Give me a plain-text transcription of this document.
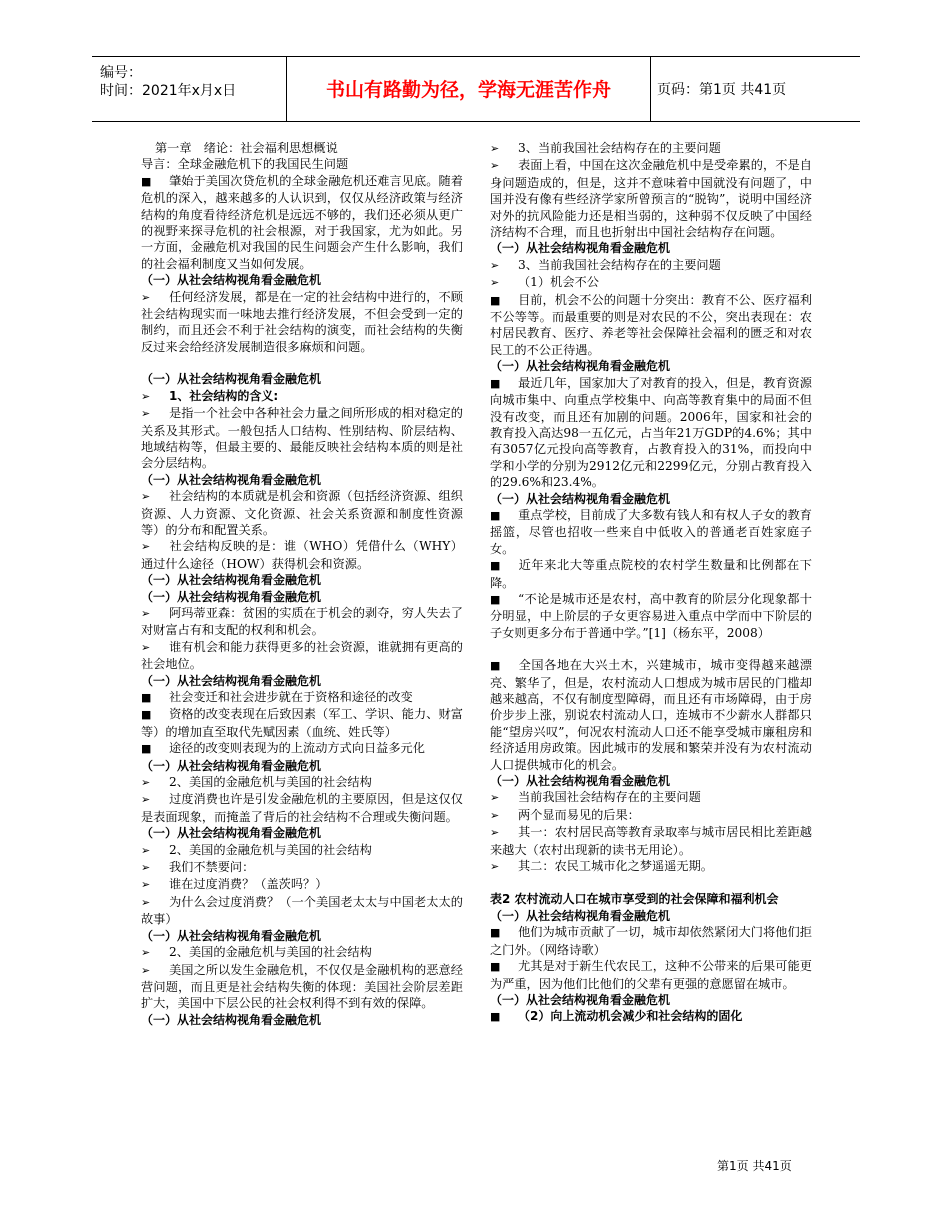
编号：
时间：2021年x月x日	书山有路勤为径，学海无涯苦作舟	页码：第1页 共41页

第一章　绪论：社会福利思想概说

导言：全球金融危机下的我国民生问题

■ 肇始于美国次贷危机的全球金融危机还难言见底。随着危机的深入，越来越多的人认识到，仅仅从经济政策与经济结构的角度看待经济危机是远远不够的，我们还必须从更广的视野来探寻危机的社会根源，对于我国家，尤为如此。另一方面，金融危机对我国的民生问题会产生什么影响，我们的社会福利制度又当如何发展。

（一）从社会结构视角看金融危机

➢ 任何经济发展，都是在一定的社会结构中进行的，不顾社会结构现实而一味地去推行经济发展，不但会受到一定的制约，而且还会不利于社会结构的演变，而社会结构的失衡反过来会给经济发展制造很多麻烦和问题。

（一）从社会结构视角看金融危机

➢ 1、社会结构的含义:

➢ 是指一个社会中各种社会力量之间所形成的相对稳定的关系及其形式。一般包括人口结构、性别结构、阶层结构、地域结构等，但最主要的、最能反映社会结构本质的则是社会分层结构。

（一）从社会结构视角看金融危机

➢ 社会结构的本质就是机会和资源（包括经济资源、组织资源、人力资源、文化资源、社会关系资源和制度性资源等）的分布和配置关系。

➢ 社会结构反映的是：谁（WHO）凭借什么（WHY）通过什么途径（HOW）获得机会和资源。

（一）从社会结构视角看金融危机

（一）从社会结构视角看金融危机

➢ 阿玛蒂亚森：贫困的实质在于机会的剥夺，穷人失去了对财富占有和支配的权利和机会。

➢ 谁有机会和能力获得更多的社会资源，谁就拥有更高的社会地位。

（一）从社会结构视角看金融危机

■ 社会变迁和社会进步就在于资格和途径的改变

■ 资格的改变表现在后致因素（军工、学识、能力、财富等）的增加直至取代先赋因素（血统、姓氏等）

■ 途径的改变则表现为的上流动方式向日益多元化

（一）从社会结构视角看金融危机

➢ 2、美国的金融危机与美国的社会结构

➢ 过度消费也许是引发金融危机的主要原因，但是这仅仅是表面现象，而掩盖了背后的社会结构不合理或失衡问题。

（一）从社会结构视角看金融危机

➢ 2、美国的金融危机与美国的社会结构

➢ 我们不禁要问：

➢ 谁在过度消费？（盖茨吗？）

➢ 为什么会过度消费？（一个美国老太太与中国老太太的故事）

（一）从社会结构视角看金融危机

➢ 2、美国的金融危机与美国的社会结构

➢ 美国之所以发生金融危机，不仅仅是金融机构的恶意经营问题，而且更是社会结构失衡的体现：美国社会阶层差距扩大，美国中下层公民的社会权利得不到有效的保障。

（一）从社会结构视角看金融危机

➢ 3、当前我国社会结构存在的主要问题

➢ 表面上看，中国在这次金融危机中是受牵累的，不是自身问题造成的，但是，这并不意味着中国就没有问题了，中国并没有像有些经济学家所曾预言的“脱钩”，说明中国经济对外的抗风险能力还是相当弱的，这种弱不仅反映了中国经济结构不合理，而且也折射出中国社会结构存在问题。

（一）从社会结构视角看金融危机

➢ 3、当前我国社会结构存在的主要问题

➢ （1）机会不公

■ 目前，机会不公的问题十分突出：教育不公、医疗福利不公等等。而最重要的则是对农民的不公，突出表现在：农村居民教育、医疗、养老等社会保障社会福利的匮乏和对农民工的不公正待遇。

（一）从社会结构视角看金融危机

■ 最近几年，国家加大了对教育的投入，但是，教育资源向城市集中、向重点学校集中、向高等教育集中的局面不但没有改变，而且还有加剧的问题。2006年，国家和社会的教育投入高达98一五亿元，占当年21万GDP的4.6%；其中有3057亿元投向高等教育，占教育投入的31%，而投向中学和小学的分别为2912亿元和2299亿元，分别占教育投入的29.6%和23.4%。

（一）从社会结构视角看金融危机

■ 重点学校，目前成了大多数有钱人和有权人子女的教育摇篮，尽管也招收一些来自中低收入的普通老百姓家庭子女。

■ 近年来北大等重点院校的农村学生数量和比例都在下降。

■ “不论是城市还是农村，高中教育的阶层分化现象都十分明显，中上阶层的子女更容易进入重点中学而中下阶层的子女则更多分布于普通中学。”[1]（杨东平，2008）

■ 全国各地在大兴土木，兴建城市，城市变得越来越漂亮、繁华了，但是，农村流动人口想成为城市居民的门槛却越来越高，不仅有制度型障碍，而且还有市场障碍，由于房价步步上涨，别说农村流动人口，连城市不少薪水人群都只能“望房兴叹”，何况农村流动人口还不能享受城市廉租房和经济适用房政策。因此城市的发展和繁荣并没有为农村流动人口提供城市化的机会。

（一）从社会结构视角看金融危机

➢ 当前我国社会结构存在的主要问题

➢ 两个显而易见的后果：

➢ 其一：农村居民高等教育录取率与城市居民相比差距越来越大（农村出现新的读书无用论）。

➢ 其二：农民工城市化之梦遥遥无期。

表2 农村流动人口在城市享受到的社会保障和福利机会

（一）从社会结构视角看金融危机

■ 他们为城市贡献了一切，城市却依然紧闭大门将他们拒之门外。（网络诗歌）

■ 尤其是对于新生代农民工，这种不公带来的后果可能更为严重，因为他们比他们的父辈有更强的意愿留在城市。

（一）从社会结构视角看金融危机

■ （2）向上流动机会减少和社会结构的固化

第1页 共41页
